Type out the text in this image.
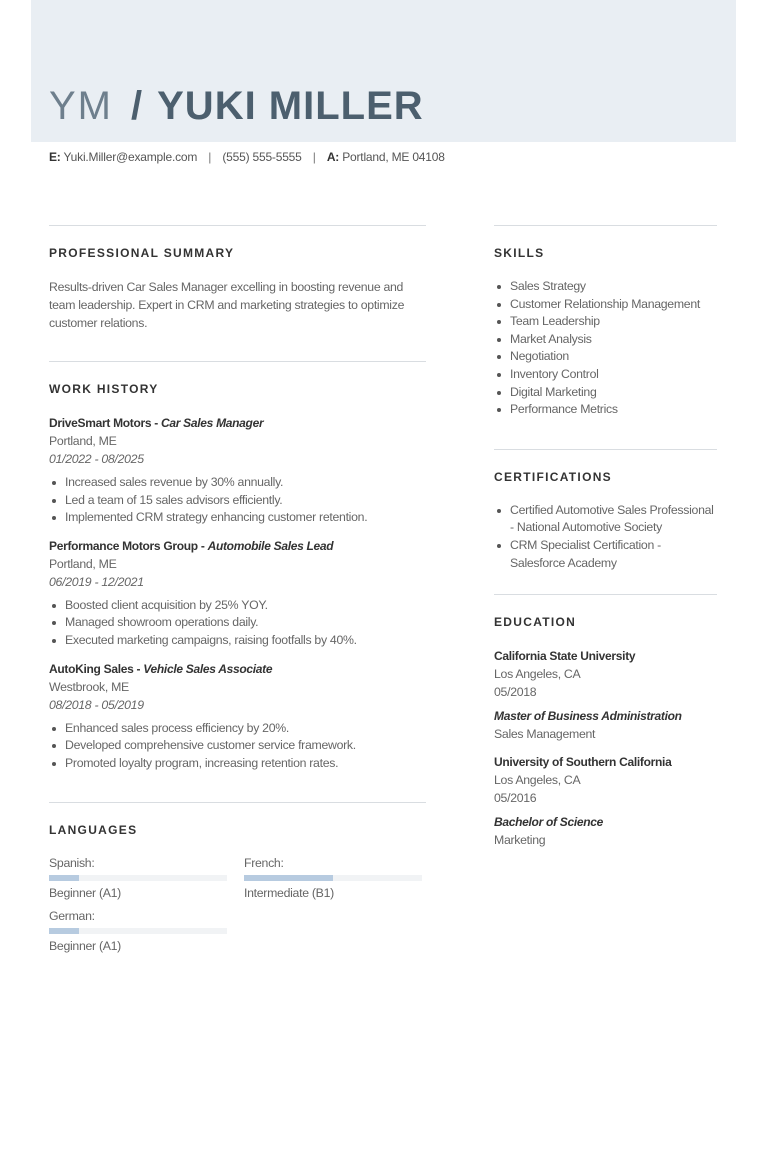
YM / YUKI MILLER
E: Yuki.Miller@example.com | (555) 555-5555 | A: Portland, ME 04108
PROFESSIONAL SUMMARY

Results-driven Car Sales Manager excelling in boosting revenue and team leadership. Expert in CRM and marketing strategies to optimize customer relations.

WORK HISTORY
DriveSmart Motors - Car Sales Manager
Portland, ME
01/2022 - 08/2025
Increased sales revenue by 30% annually.
Led a team of 15 sales advisors efficiently.
Implemented CRM strategy enhancing customer retention.
Performance Motors Group - Automobile Sales Lead
Portland, ME
06/2019 - 12/2021
Boosted client acquisition by 25% YOY.
Managed showroom operations daily.
Executed marketing campaigns, raising footfalls by 40%.
AutoKing Sales - Vehicle Sales Associate
Westbrook, ME
08/2018 - 05/2019
Enhanced sales process efficiency by 20%.
Developed comprehensive customer service framework.
Promoted loyalty program, increasing retention rates.
LANGUAGES
Spanish:
Beginner (A1)
French:
Intermediate (B1)
German:
Beginner (A1)
SKILLS
Sales Strategy
Customer Relationship Management
Team Leadership
Market Analysis
Negotiation
Inventory Control
Digital Marketing
Performance Metrics
CERTIFICATIONS
Certified Automotive Sales Professional - National Automotive Society
CRM Specialist Certification - Salesforce Academy
EDUCATION
California State University
Los Angeles, CA
05/2018
Master of Business Administration
Sales Management
University of Southern California
Los Angeles, CA
05/2016
Bachelor of Science
Marketing
